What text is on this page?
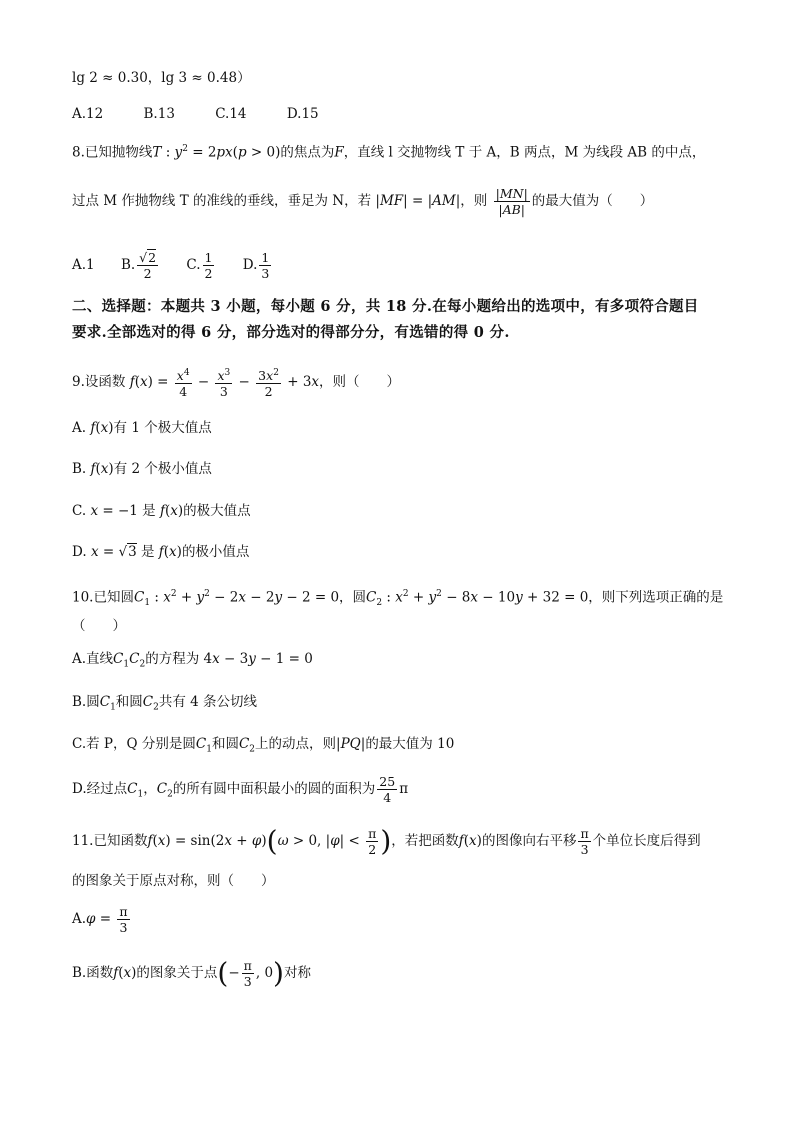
lg 2 ≈ 0.30，lg 3 ≈ 0.48）
A.12	B.13	C.14	D.15
8.已知抛物线T : $y^2 = 2px(p > 0)$的焦点为F，直线 l 交抛物线 T 于 A，B 两点，M 为线段 AB 的中点，
过点 M 作抛物线 T 的准线的垂线，垂足为 N，若 |MF| = |AM|，则 $\frac{|MN|}{|AB|}$ 的最大值为（　　）
A.1 B. $\frac{√2}{2} C$. $\frac{1}{2} D$. $\frac{1}{3}$
二、选择题：本题共 3 小题，每小题 6 分，共 18 分.在每小题给出的选项中，有多项符合题目
要求.全部选对的得 6 分，部分选对的得部分分，有选错的得 0 分.
9.设函数 $f(x) = \frac{x^4}{4} - \frac{x^3}{3} - \frac{3x^2}{2} + 3x$，则（　　）
A. f(x)有 1 个极大值点
B. f(x)有 2 个极小值点
C. x = −1 是 f(x)的极大值点
D. x = √3 是 f(x)的极小值点
10.已知圆$C_1$ : $x^2 + y^2 - 2x - 2y - 2 = 0$，圆$C_2$ : $x^2 + y^2 - 8x - 10y + 32 = 0$，则下列选项正确的是
（　　）
A.直线$C_1C_2$的方程为 4x − 3y − 1 = 0
B.圆$C_1$和圆$C_2$共有 4 条公切线
C.若 P，Q 分别是圆$C_1$和圆$C_2$上的动点，则|PQ|的最大值为 10
D.经过点$C_1$，$C_2$的所有圆中面积最小的圆的面积为 $\frac{25}{4}$ π
11.已知函数f(x) = sin(2x + φ)(ω > 0, $|\varphi| < \frac{\pi}{2}$ )，若把函数f(x)的图像向右平移 $\frac{\pi}{3}$ 个单位长度后得到
的图象关于原点对称，则（　　）
$A.\varphi = \frac{\pi}{3}$
B.函数f(x)的图象关于点(− $\frac{\pi}{3}$ , 0)对称
